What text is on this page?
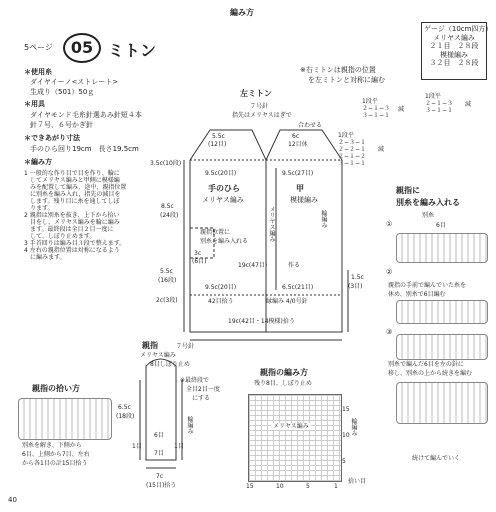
編み方
5ページ	05 ミトン
＊使用糸
ダイヤイーノ<ストレート>
生成り（501）50ｇ
＊用具
ダイヤモンド毛糸針選あみ針短４本
針７号、６号かぎ針
＊できあがり寸法
手のひら回り19cm　長さ19.5cm
＊編み方
1 一般的な作り目で目を作り、輪に
してメリヤス編みと甲側に模様編
みを配置して編み、途中、親指位置
に別糸を編み入れ、指先の減目を
します。残り目に糸を通してしぼ
ります。
2 親指は別糸を抜き、上下から拾い
目をし、メリヤス編みを輪に編み
ます。最終段は全目２目一度に
して、しぼり止めます。
3 手首回りは編み目３段で整えます。
4 左右の親指位置は対称になるよう
に編みます。
ゲージ（10cm四方）
メリヤス編み
２１目　２８段
模様編み
３２目　２８段
※右ミトンは親指の位置
を左ミトンと対称に編む
1段平
２−１−３
３−１−１
減
1段平
２−１−３
３−１−１
減
1段平
２−３−１
２−２−１
２−１−２
３−１−１
減
左ミトン
７号針
指先はメリヤスはぎで
合わせる
5.5c
(12目)
6c
12目休
3.5c(10段)
8.5c
(24段)
9.5c(20目)	9.5c(27目)
手のひら
メリヤス編み
甲
模様編み
メリヤス編み	輪編み
親指位置に
別糸を編み入れる
3c
(6目)
19c(47目)	作る
5.5c
(16段)
2c(3段)
9.5c(20目)	6.5c(21目)
1.5c
(3目)
42目拾う	縁編み 4/0号針
19c(42目・14模様)拾う
親指に
別糸を編み入れる
①
別糸
6目
②
親指の手前で編んでいた糸を
休め、別糸で6目編む
③
別糸で編んだ6目を左の針に
移し、別糸の上から続きを編む
続けて編んでいく
親指の拾い方
別糸を解き、下側から
6目、上側から7目、左右
から各1目の計15目拾う
親指	７号針
メリヤス編み
8目しぼり止め
※最終段で
全目2目一度
にする
6.5c
(18段)	輪編み
6目
1目	1目
7目
7c
(15目)拾う
親指の編み方
残り8目、しぼり止め
メリヤス編み	輪編み
拾い目
15	10	5	1
5
10
15
40
